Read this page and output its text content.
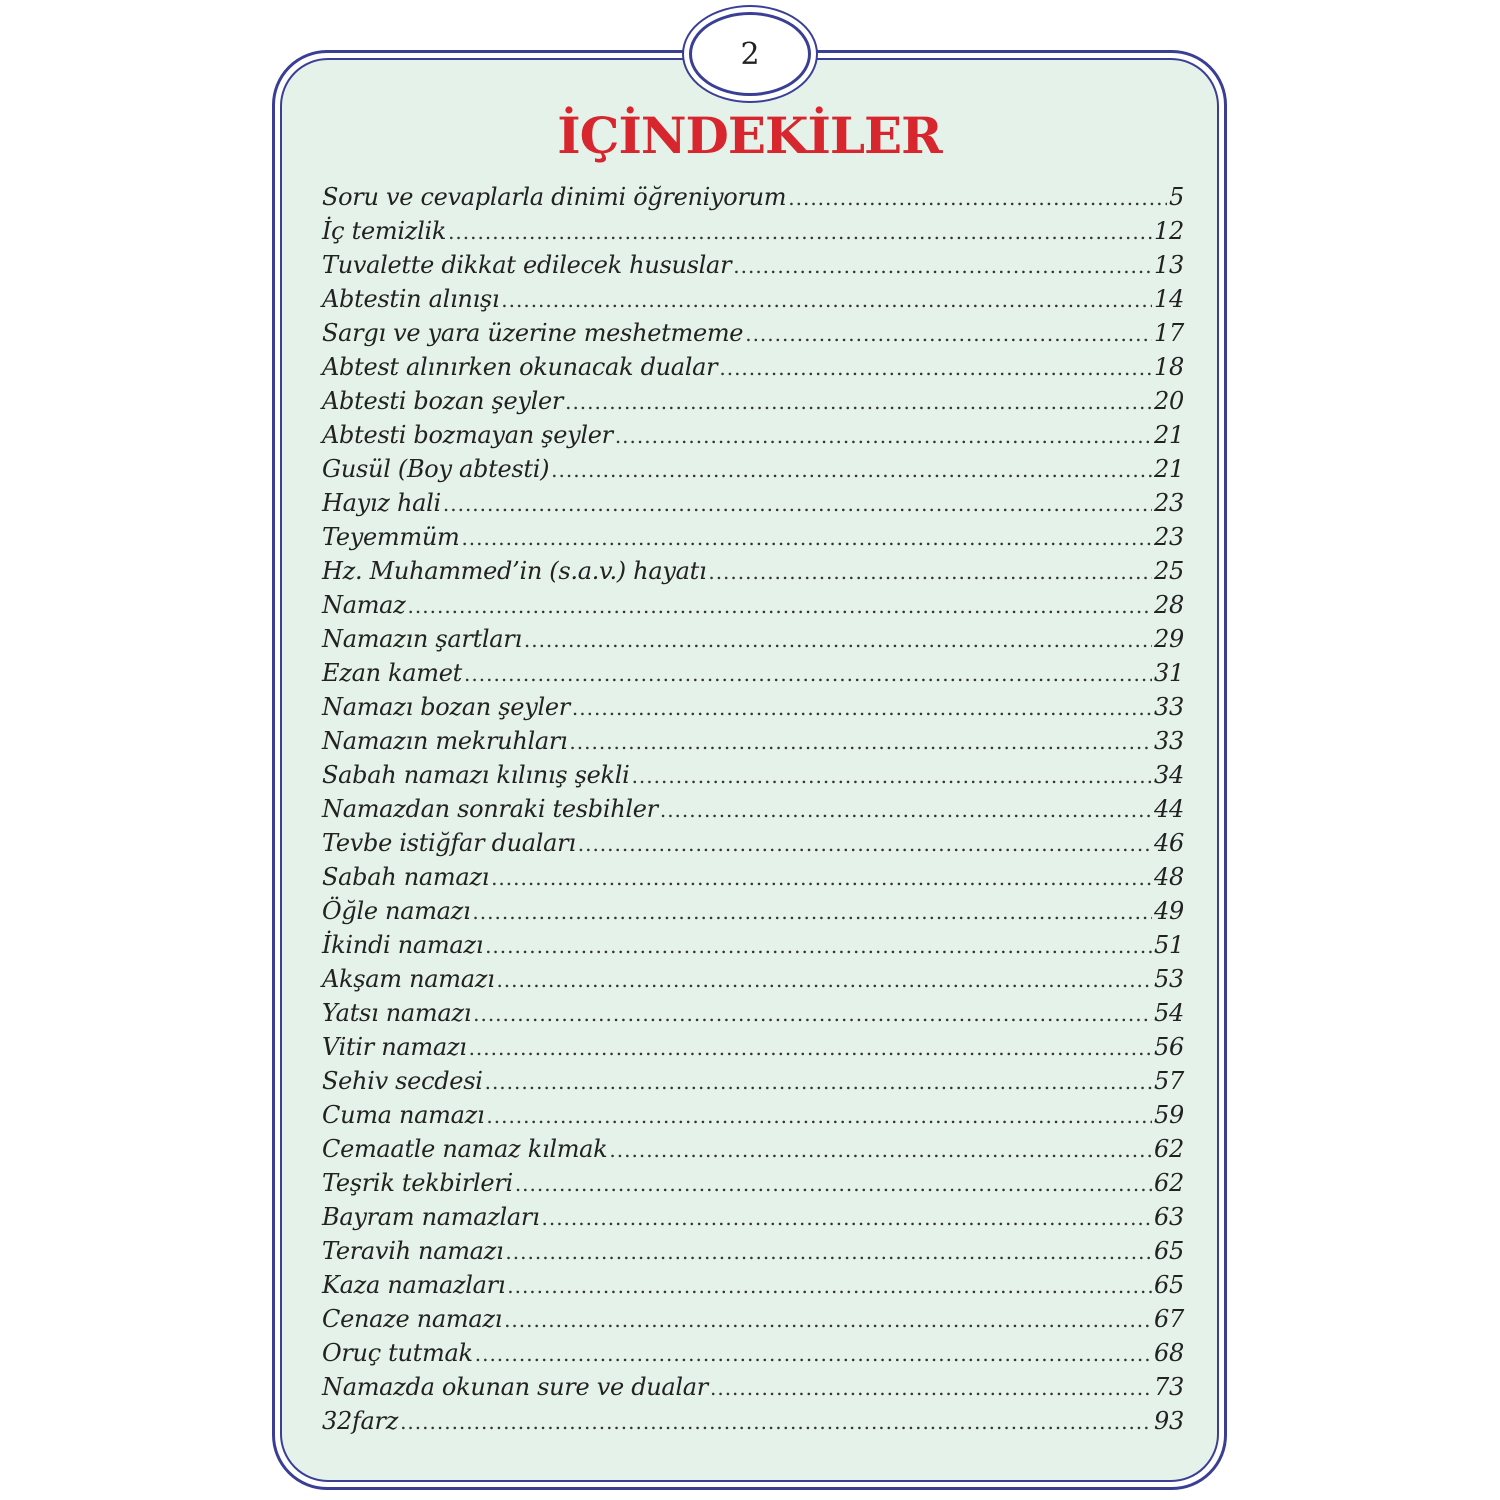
2
İÇİNDEKİLER
Soru ve cevaplarla dinimi öğreniyorum .....	5
İç temizlik .....	12
Tuvalette dikkat edilecek hususlar .....	13
Abtestin alınışı .....	14
Sargı ve yara üzerine meshetmeme .....	17
Abtest alınırken okunacak dualar .....	18
Abtesti bozan şeyler .....	20
Abtesti bozmayan şeyler .....	21
Gusül (Boy abtesti) .....	21
Hayız hali .....	23
Teyemmüm .....	23
Hz. Muhammed’in (s.a.v.) hayatı .....	25
Namaz .....	28
Namazın şartları .....	29
Ezan kamet .....	31
Namazı bozan şeyler .....	33
Namazın mekruhları .....	33
Sabah namazı kılınış şekli .....	34
Namazdan sonraki tesbihler .....	44
Tevbe istiğfar duaları .....	46
Sabah namazı .....	48
Öğle namazı .....	49
İkindi namazı .....	51
Akşam namazı .....	53
Yatsı namazı .....	54
Vitir namazı .....	56
Sehiv secdesi .....	57
Cuma namazı .....	59
Cemaatle namaz kılmak .....	62
Teşrik tekbirleri .....	62
Bayram namazları .....	63
Teravih namazı .....	65
Kaza namazları .....	65
Cenaze namazı .....	67
Oruç tutmak .....	68
Namazda okunan sure ve dualar .....	73
32farz .....	93
